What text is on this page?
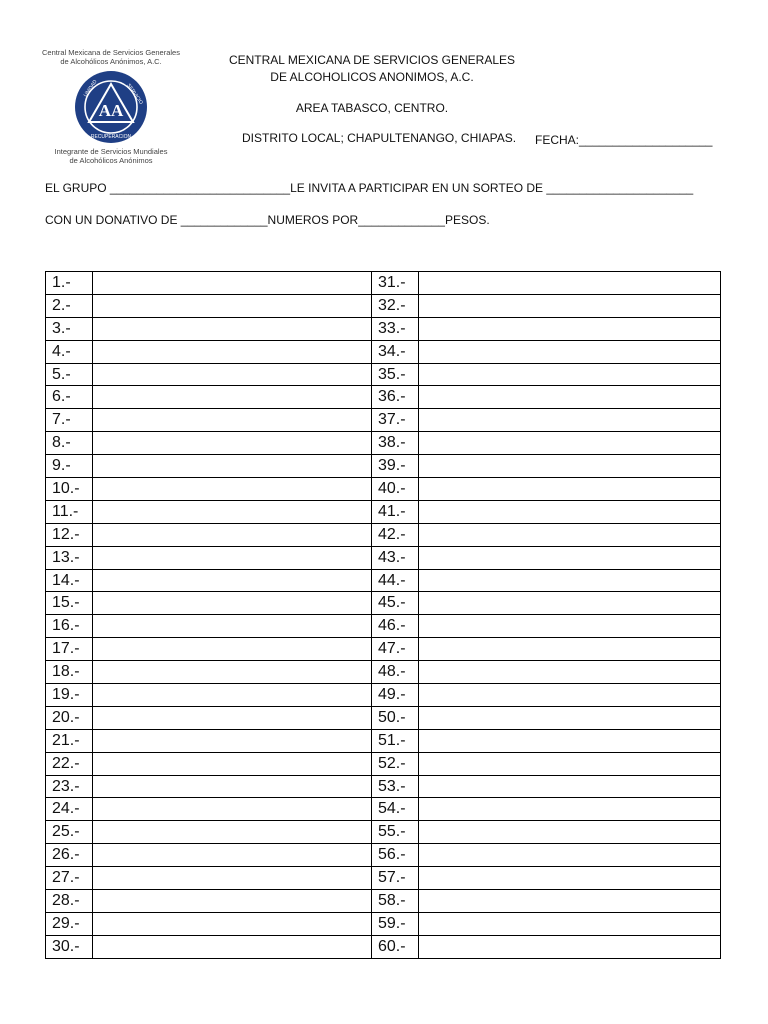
Central Mexicana de Servicios Generales
de Alcohólicos Anónimos, A.C.
AA
UNIDAD	SERVICIO
RECUPERACION
Integrante de Servicios Mundiales
de Alcohólicos Anónimos
CENTRAL MEXICANA DE SERVICIOS GENERALES
DE ALCOHOLICOS ANONIMOS, A.C.
AREA TABASCO, CENTRO.
DISTRITO LOCAL; CHAPULTENANGO, CHIAPAS. FECHA:____________________
EL GRUPO ___________________________LE INVITA A PARTICIPAR EN UN SORTEO DE ______________________
CON UN DONATIVO DE _____________NUMEROS POR_____________PESOS.
1.-		31.-	
2.-		32.-	
3.-		33.-	
4.-		34.-	
5.-		35.-	
6.-		36.-	
7.-		37.-	
8.-		38.-	
9.-		39.-	
10.-		40.-	
11.-		41.-	
12.-		42.-	
13.-		43.-	
14.-		44.-	
15.-		45.-	
16.-		46.-	
17.-		47.-	
18.-		48.-	
19.-		49.-	
20.-		50.-	
21.-		51.-	
22.-		52.-	
23.-		53.-	
24.-		54.-	
25.-		55.-	
26.-		56.-	
27.-		57.-	
28.-		58.-	
29.-		59.-	
30.-		60.-	
